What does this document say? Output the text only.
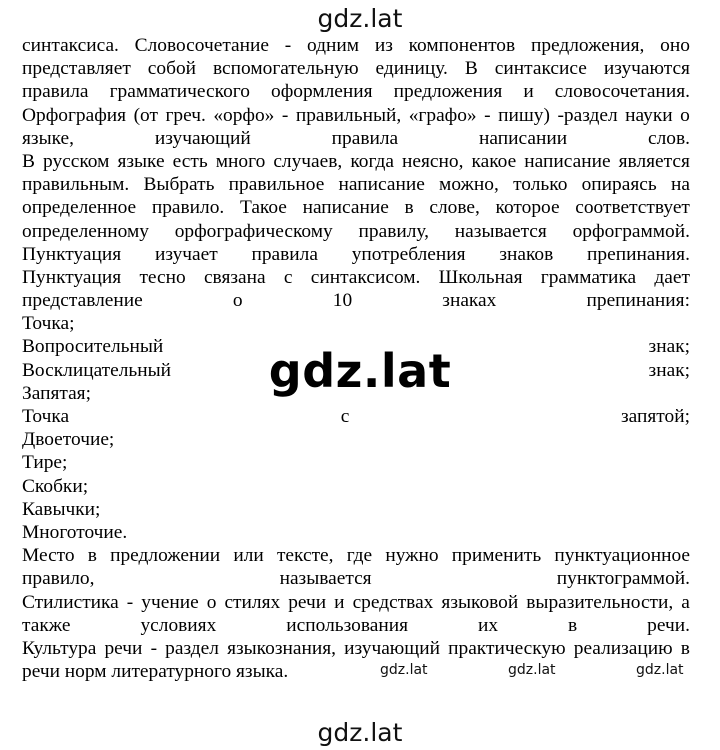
gdz.lat
синтаксиса. Словосочетание - одним из компонентов предложения, оно
представляет собой вспомогательную единицу. В синтаксисе изучаются
правила грамматического оформления предложения и словосочетания.
Орфография (от греч. «орфо» - правильный, «графо» - пишу) -раздел науки о
языке,	изучающий	правила	написании	слов.
В русском языке есть много случаев, когда неясно, какое написание является
правильным. Выбрать правильное написание можно, только опираясь на
определенное правило. Такое написание в слове, которое соответствует
определенному орфографическому правилу, называется орфограммой.
Пунктуация изучает правила употребления знаков препинания.
Пунктуация тесно связана с синтаксисом. Школьная грамматика дает
представление	о	10	знаках	препинания:
Точка;
Вопросительный	знак;
Восклицательный	знак;
Запятая;
Точка	с	запятой;
Двоеточие;
Тире;
Скобки;
Кавычки;
Многоточие.
Место в предложении или тексте, где нужно применить пунктуационное
правило,	называется	пунктограммой.
Стилистика - учение о стилях речи и средствах языковой выразительности, а
также	условиях	использования	их	в	речи.
Культура речи - раздел языкознания, изучающий практическую реализацию в
речи норм литературного языка.
gdz.lat
gdz.lat	gdz.lat	gdz.lat
gdz.lat
